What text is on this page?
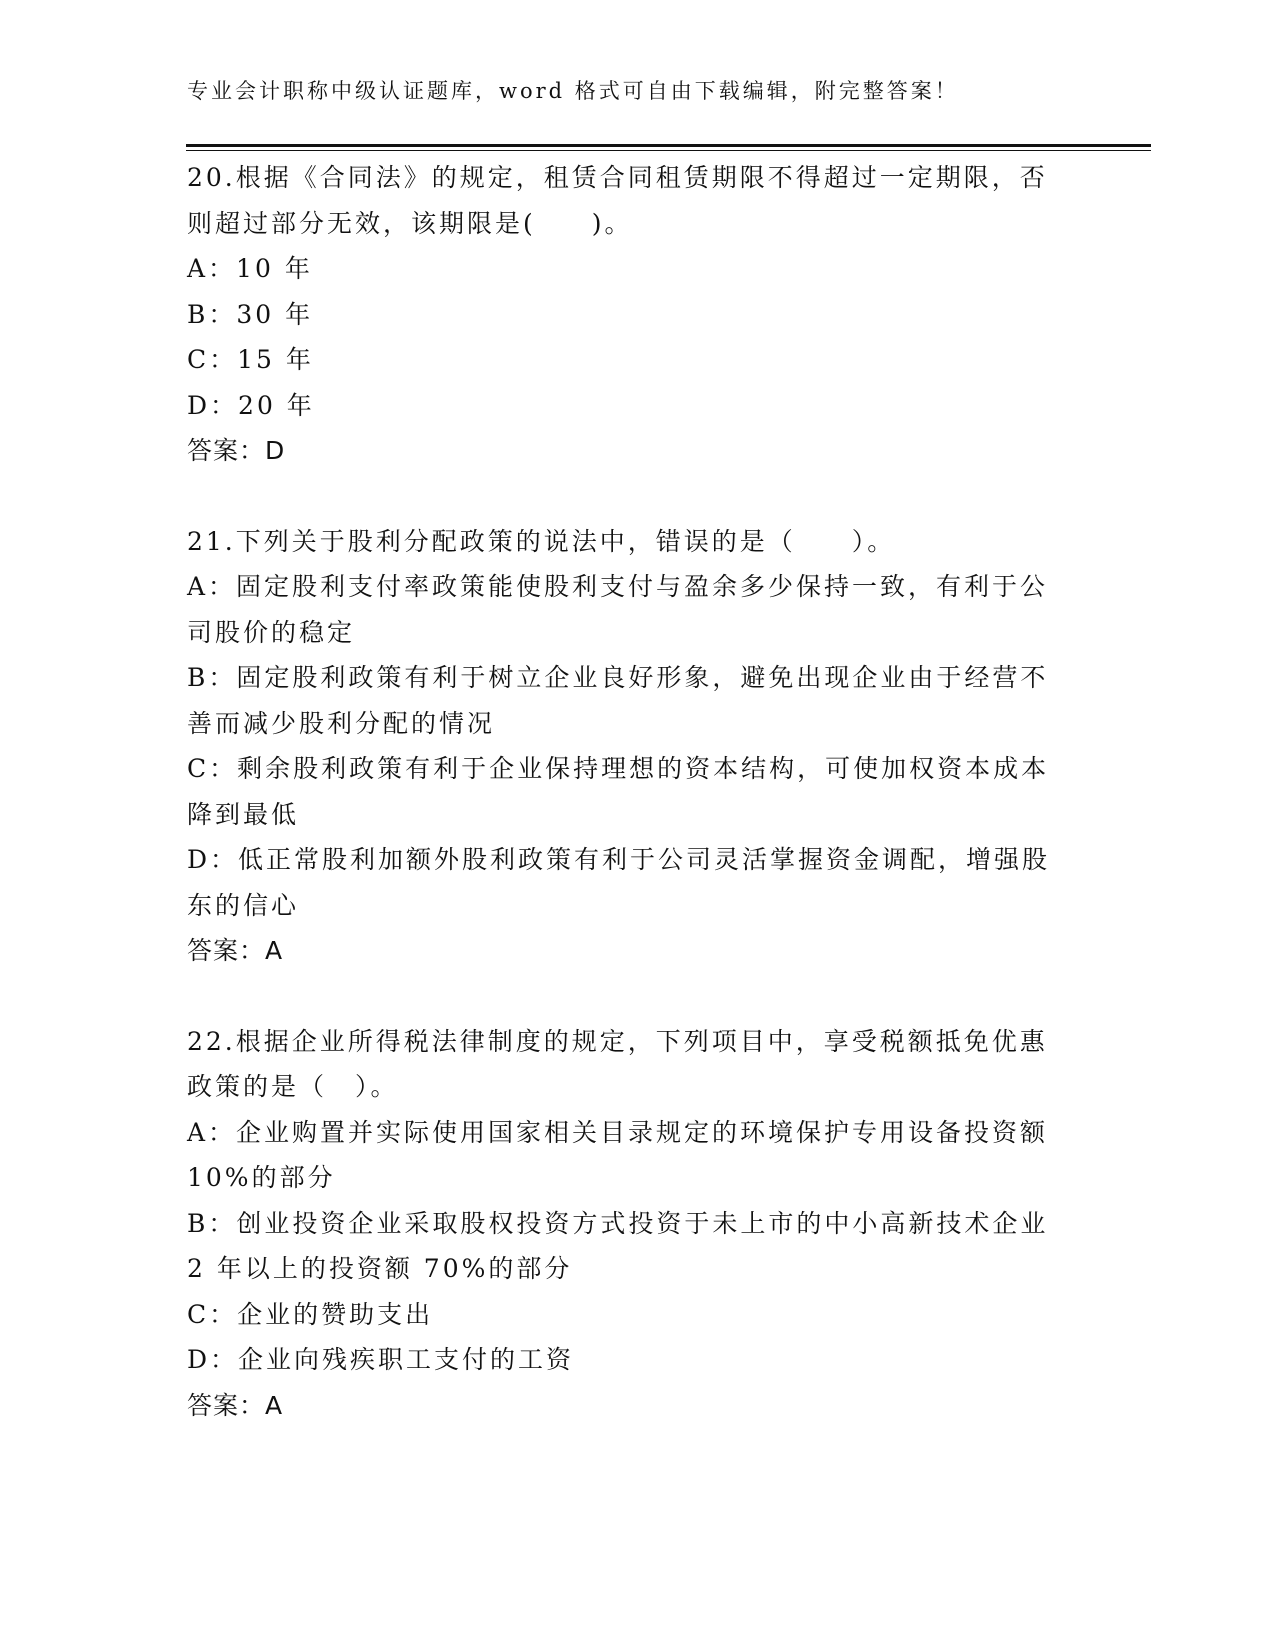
专业会计职称中级认证题库，word 格式可自由下载编辑，附完整答案！
20.根据《合同法》的规定，租赁合同租赁期限不得超过一定期限，否
则超过部分无效，该期限是(　　)。
A：10 年
B：30 年
C：15 年
D：20 年
答案：D
21.下列关于股利分配政策的说法中，错误的是（　　）。
A：固定股利支付率政策能使股利支付与盈余多少保持一致，有利于公
司股价的稳定
B：固定股利政策有利于树立企业良好形象，避免出现企业由于经营不
善而减少股利分配的情况
C：剩余股利政策有利于企业保持理想的资本结构，可使加权资本成本
降到最低
D：低正常股利加额外股利政策有利于公司灵活掌握资金调配，增强股
东的信心
答案：A
22.根据企业所得税法律制度的规定，下列项目中，享受税额抵免优惠
政策的是（　）。
A：企业购置并实际使用国家相关目录规定的环境保护专用设备投资额
10%的部分
B：创业投资企业采取股权投资方式投资于未上市的中小高新技术企业
2 年以上的投资额 70%的部分
C：企业的赞助支出
D：企业向残疾职工支付的工资
答案：A
